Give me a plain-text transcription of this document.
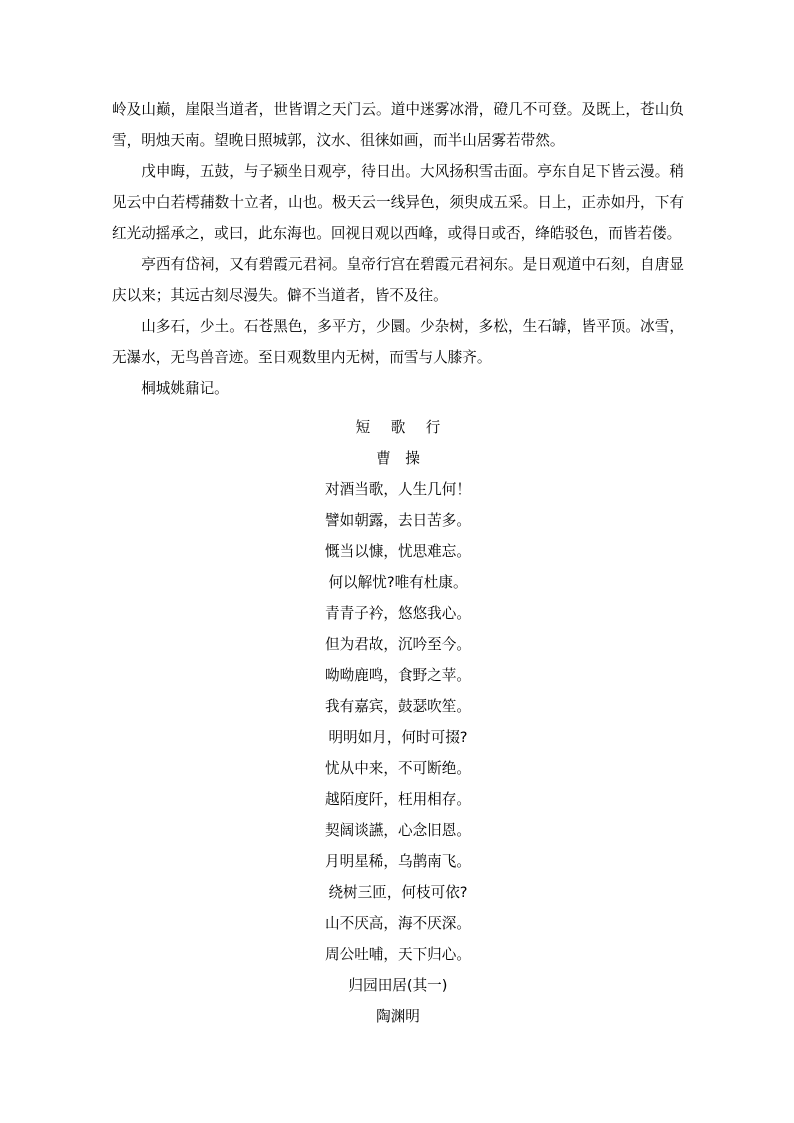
岭及山巅，崖限当道者，世皆谓之天门云。道中迷雾冰滑，磴几不可登。及既上，苍山负雪，明烛天南。望晚日照城郭，汶水、徂徕如画，而半山居雾若带然。

戊申晦，五鼓，与子颍坐日观亭，待日出。大风扬积雪击面。亭东自足下皆云漫。稍见云中白若樗蒱数十立者，山也。极天云一线异色，须臾成五采。日上，正赤如丹，下有红光动摇承之，或曰，此东海也。回视日观以西峰，或得日或否，绛皓驳色，而皆若偻。

亭西有岱祠，又有碧霞元君祠。皇帝行宫在碧霞元君祠东。是日观道中石刻，自唐显庆以来；其远古刻尽漫失。僻不当道者，皆不及往。

山多石，少土。石苍黑色，多平方，少圜。少杂树，多松，生石罅，皆平顶。冰雪，无瀑水，无鸟兽音迹。至日观数里内无树，而雪与人膝齐。

桐城姚鼐记。

短歌行

曹操

对酒当歌，人生几何！

譬如朝露，去日苦多。

慨当以慷，忧思难忘。

何以解忧?唯有杜康。

青青子衿，悠悠我心。

但为君故，沉吟至今。

呦呦鹿鸣，食野之苹。

我有嘉宾，鼓瑟吹笙。

明明如月，何时可掇?

忧从中来，不可断绝。

越陌度阡，枉用相存。

契阔谈讌，心念旧恩。

月明星稀，乌鹊南飞。

绕树三匝，何枝可依?

山不厌高，海不厌深。

周公吐哺，天下归心。

归园田居(其一)

陶渊明
